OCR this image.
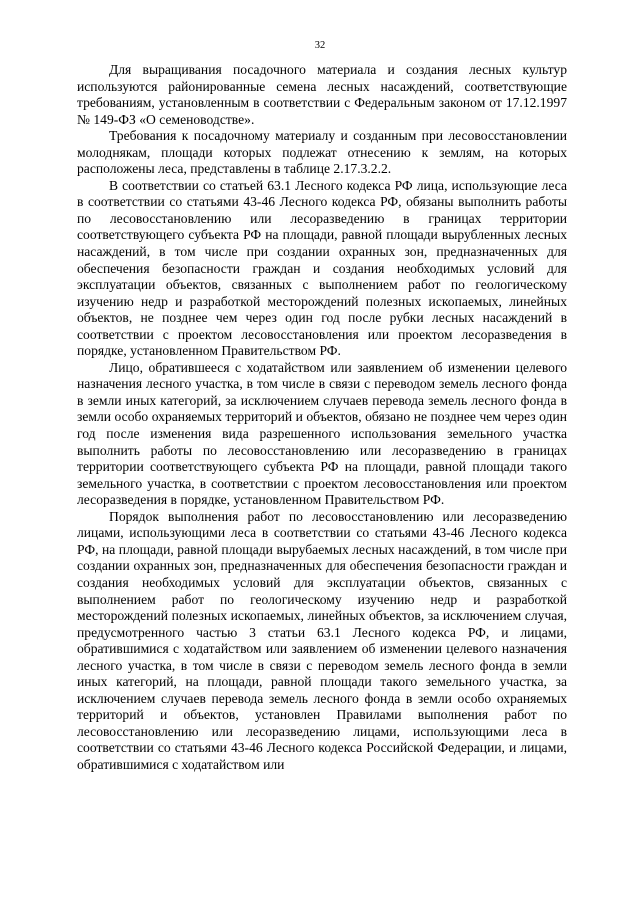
32

Для выращивания посадочного материала и создания лесных культур используются районированные семена лесных насаждений, соответствующие требованиям, установленным в соответствии с Федеральным законом от 17.12.1997 № 149-ФЗ «О семеноводстве».

Требования к посадочному материалу и созданным при лесовосстановлении молоднякам, площади которых подлежат отнесению к землям, на которых расположены леса, представлены в таблице 2.17.3.2.2.

В соответствии со статьей 63.1 Лесного кодекса РФ лица, использующие леса в соответствии со статьями 43-46 Лесного кодекса РФ, обязаны выполнить работы по лесовосстановлению или лесоразведению в границах территории соответствующего субъекта РФ на площади, равной площади вырубленных лесных насаждений, в том числе при создании охранных зон, предназначенных для обеспечения безопасности граждан и создания необходимых условий для эксплуатации объектов, связанных с выполнением работ по геологическому изучению недр и разработкой месторождений полезных ископаемых, линейных объектов, не позднее чем через один год после рубки лесных насаждений в соответствии с проектом лесовосстановления или проектом лесоразведения в порядке, установленном Правительством РФ.

Лицо, обратившееся с ходатайством или заявлением об изменении целевого назначения лесного участка, в том числе в связи с переводом земель лесного фонда в земли иных категорий, за исключением случаев перевода земель лесного фонда в земли особо охраняемых территорий и объектов, обязано не позднее чем через один год после изменения вида разрешенного использования земельного участка выполнить работы по лесовосстановлению или лесоразведению в границах территории соответствующего субъекта РФ на площади, равной площади такого земельного участка, в соответствии с проектом лесовосстановления или проектом лесоразведения в порядке, установленном Правительством РФ.

Порядок выполнения работ по лесовосстановлению или лесоразведению лицами, использующими леса в соответствии со статьями 43-46 Лесного кодекса РФ, на площади, равной площади вырубаемых лесных насаждений, в том числе при создании охранных зон, предназначенных для обеспечения безопасности граждан и создания необходимых условий для эксплуатации объектов, связанных с выполнением работ по геологическому изучению недр и разработкой месторождений полезных ископаемых, линейных объектов, за исключением случая, предусмотренного частью 3 статьи 63.1 Лесного кодекса РФ, и лицами, обратившимися с ходатайством или заявлением об изменении целевого назначения лесного участка, в том числе в связи с переводом земель лесного фонда в земли иных категорий, на площади, равной площади такого земельного участка, за исключением случаев перевода земель лесного фонда в земли особо охраняемых территорий и объектов, установлен Правилами выполнения работ по лесовосстановлению или лесоразведению лицами, использующими леса в соответствии со статьями 43-46 Лесного кодекса Российской Федерации, и лицами, обратившимися с ходатайством или
